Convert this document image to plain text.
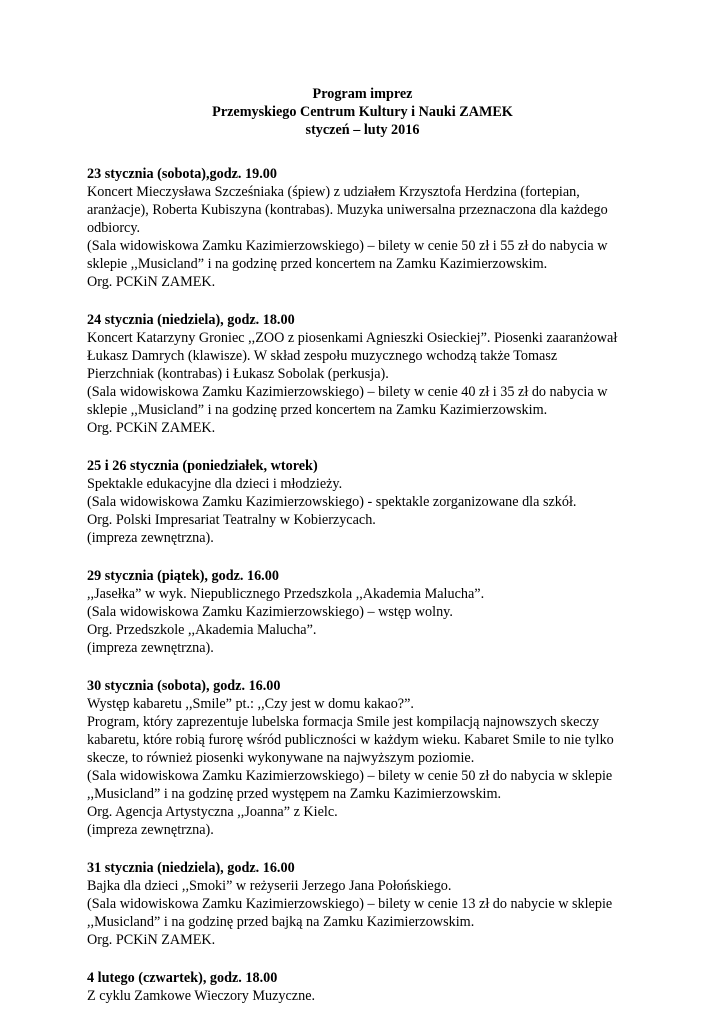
Program imprez
Przemyskiego Centrum Kultury i Nauki ZAMEK
styczeń – luty 2016
23 stycznia (sobota),godz. 19.00
Koncert Mieczysława Szcześniaka (śpiew) z udziałem Krzysztofa Herdzina (fortepian,
aranżacje), Roberta Kubiszyna (kontrabas). Muzyka uniwersalna przeznaczona dla każdego
odbiorcy.
(Sala widowiskowa Zamku Kazimierzowskiego) – bilety w cenie 50 zł i 55 zł do nabycia w
sklepie ,,Musicland” i na godzinę przed koncertem na Zamku Kazimierzowskim.
Org. PCKiN ZAMEK.
24 stycznia (niedziela), godz. 18.00
Koncert Katarzyny Groniec ,,ZOO z piosenkami Agnieszki Osieckiej”. Piosenki zaaranżował
Łukasz Damrych (klawisze). W skład zespołu muzycznego wchodzą także Tomasz
Pierzchniak (kontrabas) i Łukasz Sobolak (perkusja).
(Sala widowiskowa Zamku Kazimierzowskiego) – bilety w cenie 40 zł i 35 zł do nabycia w
sklepie ,,Musicland” i na godzinę przed koncertem na Zamku Kazimierzowskim.
Org. PCKiN ZAMEK.
25 i 26 stycznia (poniedziałek, wtorek)
Spektakle edukacyjne dla dzieci i młodzieży.
(Sala widowiskowa Zamku Kazimierzowskiego) - spektakle zorganizowane dla szkół.
Org. Polski Impresariat Teatralny w Kobierzycach.
(impreza zewnętrzna).
29 stycznia (piątek), godz. 16.00
,,Jasełka” w wyk. Niepublicznego Przedszkola ,,Akademia Malucha”.
(Sala widowiskowa Zamku Kazimierzowskiego) – wstęp wolny.
Org. Przedszkole ,,Akademia Malucha”.
(impreza zewnętrzna).
30 stycznia (sobota), godz. 16.00
Występ kabaretu ,,Smile” pt.: ,,Czy jest w domu kakao?”.
Program, który zaprezentuje lubelska formacja Smile jest kompilacją najnowszych skeczy
kabaretu, które robią furorę wśród publiczności w każdym wieku. Kabaret Smile to nie tylko
skecze, to również piosenki wykonywane na najwyższym poziomie.
(Sala widowiskowa Zamku Kazimierzowskiego) – bilety w cenie 50 zł do nabycia w sklepie
,,Musicland” i na godzinę przed występem na Zamku Kazimierzowskim.
Org. Agencja Artystyczna ,,Joanna” z Kielc.
(impreza zewnętrzna).
31 stycznia (niedziela), godz. 16.00
Bajka dla dzieci ,,Smoki” w reżyserii Jerzego Jana Połońskiego.
(Sala widowiskowa Zamku Kazimierzowskiego) – bilety w cenie 13 zł do nabycie w sklepie
,,Musicland” i na godzinę przed bajką na Zamku Kazimierzowskim.
Org. PCKiN ZAMEK.
4 lutego (czwartek), godz. 18.00
Z cyklu Zamkowe Wieczory Muzyczne.
